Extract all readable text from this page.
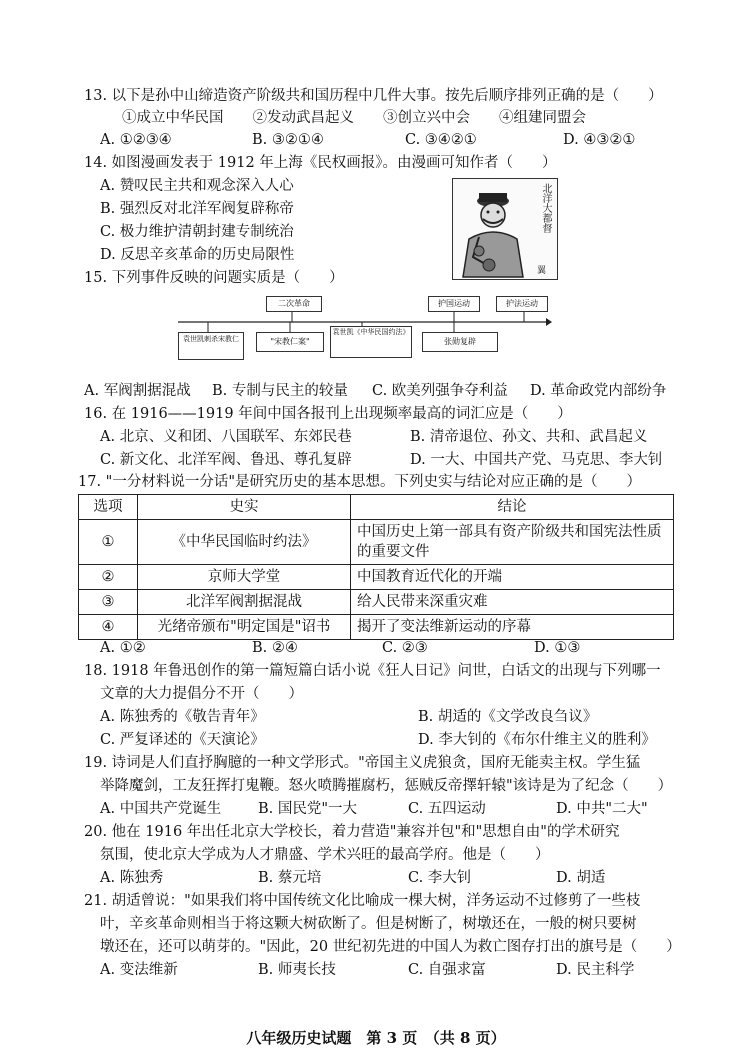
13. 以下是孙中山缔造资产阶级共和国历程中几件大事。按先后顺序排列正确的是（　　）
①成立中华民国　　②发动武昌起义　　③创立兴中会　　④组建同盟会
A. ①②③④	B. ③②①④	C. ③④②①	D. ④③②①
14. 如图漫画发表于 1912 年上海《民权画报》。由漫画可知作者（　　）
A. 赞叹民主共和观念深入人心
B. 强烈反对北洋军阀复辟称帝
C. 极力维护清朝封建专制统治
D. 反思辛亥革命的历史局限性
北洋大都督
翼
15. 下列事件反映的问题实质是（　　）
二次革命	护国运动	护法运动
袁世凯刺杀宋教仁	"宋教仁案"
袁世凯《中华民国约法》
张勋复辟
A. 军阀割据混战 B. 专制与民主的较量 C. 欧美列强争夺利益 D. 革命政党内部纷争
16. 在 1916——1919 年间中国各报刊上出现频率最高的词汇应是（　　）
A. 北京、义和团、八国联军、东郊民巷	B. 清帝退位、孙文、共和、武昌起义
C. 新文化、北洋军阀、鲁迅、尊孔复辟	D. 一大、中国共产党、马克思、李大钊
17. "一分材料说一分话"是研究历史的基本思想。下列史实与结论对应正确的是（　　）
选项	史实	结论
①	《中华民国临时约法》	中国历史上第一部具有资产阶级共和国宪法性质
的重要文件
②	京师大学堂	中国教育近代化的开端
③	北洋军阀割据混战	给人民带来深重灾难
④	光绪帝颁布"明定国是"诏书	揭开了变法维新运动的序幕
A. ①②	B. ②④	C. ②③	D. ①③
18. 1918 年鲁迅创作的第一篇短篇白话小说《狂人日记》问世，白话文的出现与下列哪一
文章的大力提倡分不开（　　）
A. 陈独秀的《敬告青年》	B. 胡适的《文学改良刍议》
C. 严复译述的《天演论》	D. 李大钊的《布尔什维主义的胜利》
19. 诗词是人们直抒胸臆的一种文学形式。"帝国主义虎狼贪，国府无能卖主权。学生猛
举降魔剑，工友狂挥打鬼鞭。怒火喷腾摧腐朽，惩贼反帝擇轩辕"该诗是为了纪念（　　）
A. 中国共产党诞生	B. 国民党"一大	C. 五四运动	D. 中共"二大"
20. 他在 1916 年出任北京大学校长，着力营造"兼容并包"和"思想自由"的学术研究
氛围，使北京大学成为人才鼎盛、学术兴旺的最高学府。他是（　　）
A. 陈独秀	B. 蔡元培	C. 李大钊	D. 胡适
21. 胡适曾说："如果我们将中国传统文化比喻成一棵大树，洋务运动不过修剪了一些枝
叶，辛亥革命则相当于将这颗大树砍断了。但是树断了，树墩还在，一般的树只要树
墩还在，还可以萌芽的。"因此，20 世纪初先进的中国人为救亡图存打出的旗号是（　　）
A. 变法维新	B. 师夷长技	C. 自强求富	D. 民主科学
八年级历史试题　第 3 页　（共 8 页）
